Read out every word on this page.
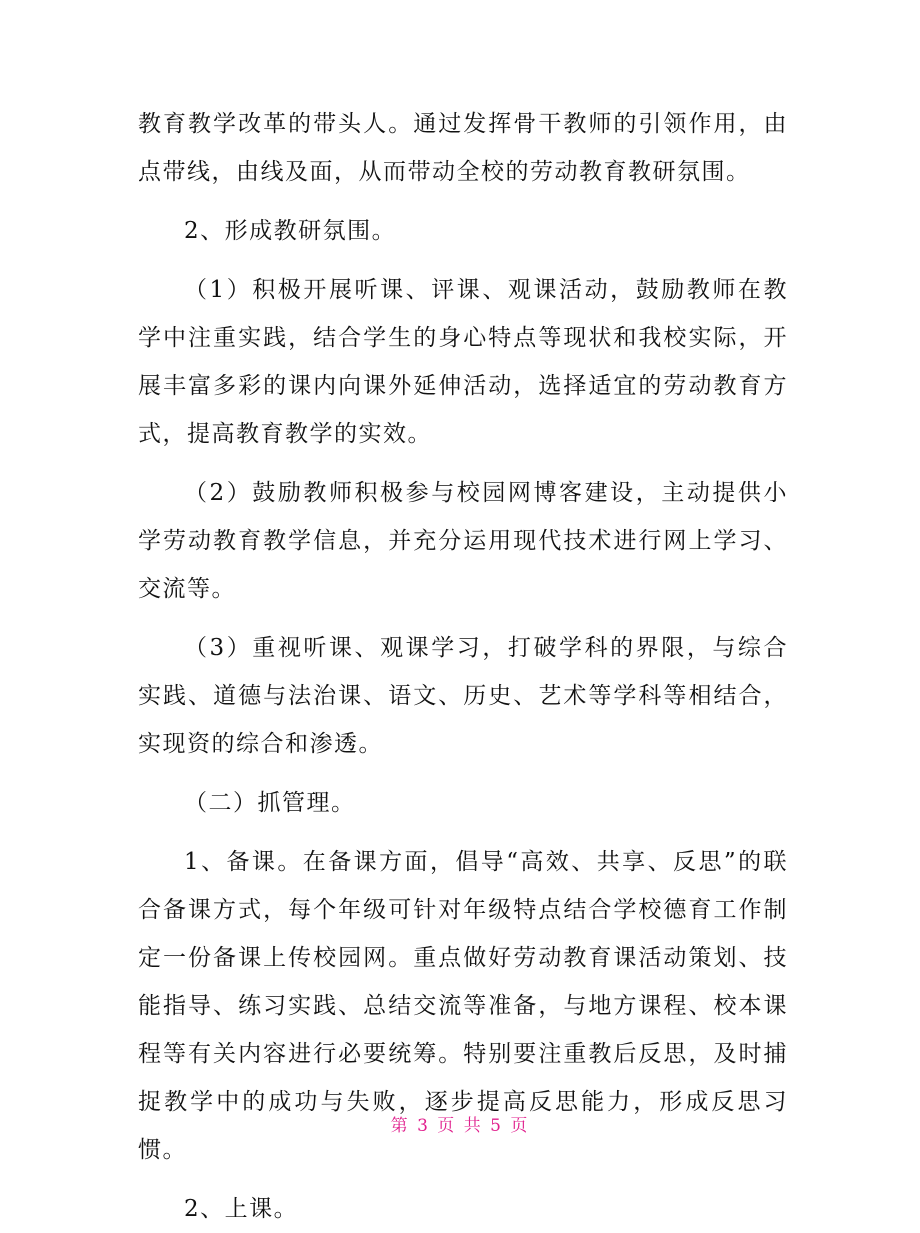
教育教学改革的带头人。通过发挥骨干教师的引领作用，由点带线，由线及面，从而带动全校的劳动教育教研氛围。

2、形成教研氛围。

（1）积极开展听课、评课、观课活动，鼓励教师在教学中注重实践，结合学生的身心特点等现状和我校实际，开展丰富多彩的课内向课外延伸活动，选择适宜的劳动教育方式，提高教育教学的实效。

（2）鼓励教师积极参与校园网博客建设，主动提供小学劳动教育教学信息，并充分运用现代技术进行网上学习、交流等。

（3）重视听课、观课学习，打破学科的界限，与综合实践、道德与法治课、语文、历史、艺术等学科等相结合，实现资的综合和渗透。

（二）抓管理。

1、备课。在备课方面，倡导“高效、共享、反思”的联合备课方式，每个年级可针对年级特点结合学校德育工作制定一份备课上传校园网。重点做好劳动教育课活动策划、技能指导、练习实践、总结交流等准备，与地方课程、校本课程等有关内容进行必要统筹。特别要注重教后反思，及时捕捉教学中的成功与失败，逐步提高反思能力，形成反思习惯。

2、上课。

第 3 页 共 5 页
